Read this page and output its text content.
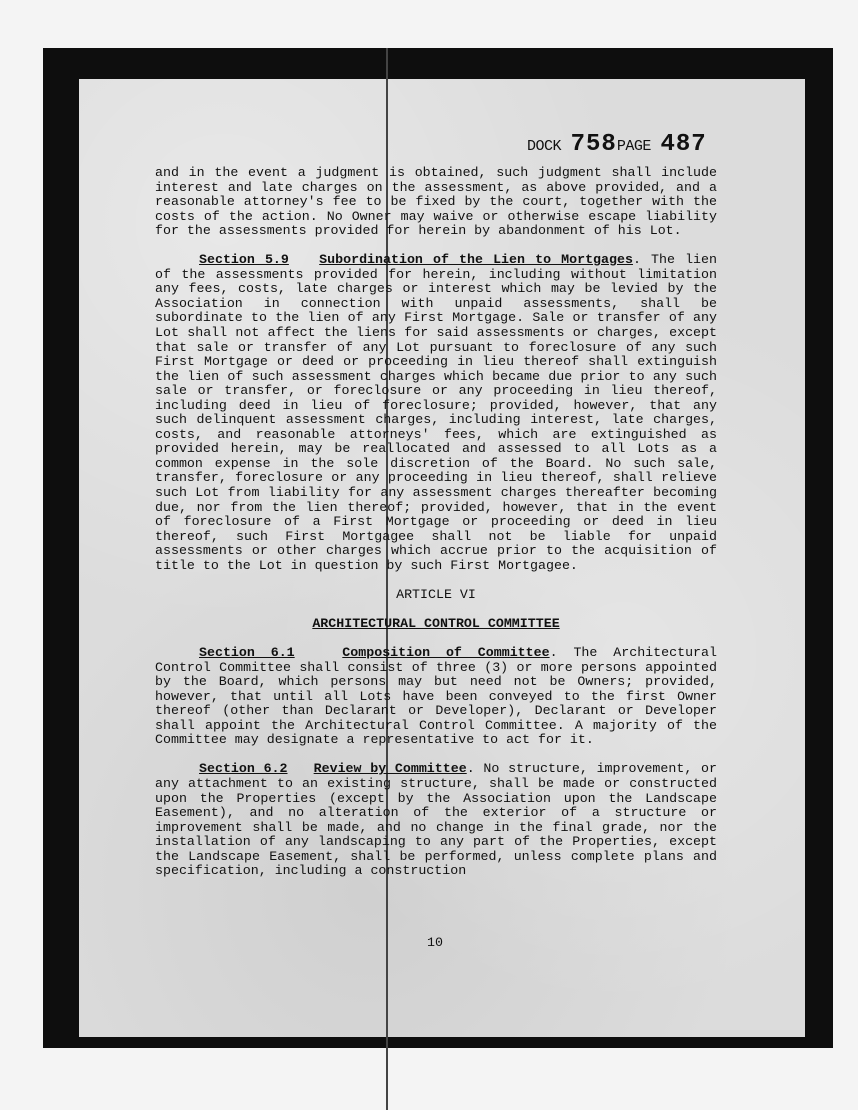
DOCK 758PAGE 487

and in the event a judgment is obtained, such judgment shall include interest and late charges on the assessment, as above provided, and a reasonable attorney's fee to be fixed by the court, together with the costs of the action. No Owner may waive or otherwise escape liability for the assessments provided for herein by abandonment of his Lot.

Section 5.9 Subordination of the Lien to Mortgages. The lien of the assessments provided for herein, including without limitation any fees, costs, late charges or interest which may be levied by the Association in connection with unpaid assessments, shall be subordinate to the lien of any First Mortgage. Sale or transfer of any Lot shall not affect the liens for said assessments or charges, except that sale or transfer of any Lot pursuant to foreclosure of any such First Mortgage or deed or proceeding in lieu thereof shall extinguish the lien of such assessment charges which became due prior to any such sale or transfer, or foreclosure or any proceeding in lieu thereof, including deed in lieu of foreclosure; provided, however, that any such delinquent assessment charges, including interest, late charges, costs, and reasonable attorneys' fees, which are extinguished as provided herein, may be reallocated and assessed to all Lots as a common expense in the sole discretion of the Board. No such sale, transfer, foreclosure or any proceeding in lieu thereof, shall relieve such Lot from liability for any assessment charges thereafter becoming due, nor from the lien thereof; provided, however, that in the event of foreclosure of a First Mortgage or proceeding or deed in lieu thereof, such First Mortgagee shall not be liable for unpaid assessments or other charges which accrue prior to the acquisition of title to the Lot in question by such First Mortgagee.

ARTICLE VI

ARCHITECTURAL CONTROL COMMITTEE

Section 6.1	Composition of Committee. The Architectural Control Committee shall consist of three (3) or more persons appointed by the Board, which persons may but need not be Owners; provided, however, that until all Lots have been conveyed to the first Owner thereof (other than Declarant or Developer), Declarant or Developer shall appoint the Architectural Control Committee. A majority of the Committee may designate a representative to act for it.

Section 6.2 Review by Committee. No structure, improvement, or any attachment to an existing structure, shall be made or constructed upon the Properties (except by the Association upon the Landscape Easement), and no alteration of the exterior of a structure or improvement shall be made, and no change in the final grade, nor the installation of any landscaping to any part of the Properties, except the Landscape Easement, shall be performed, unless complete plans and specification, including a construction

10
